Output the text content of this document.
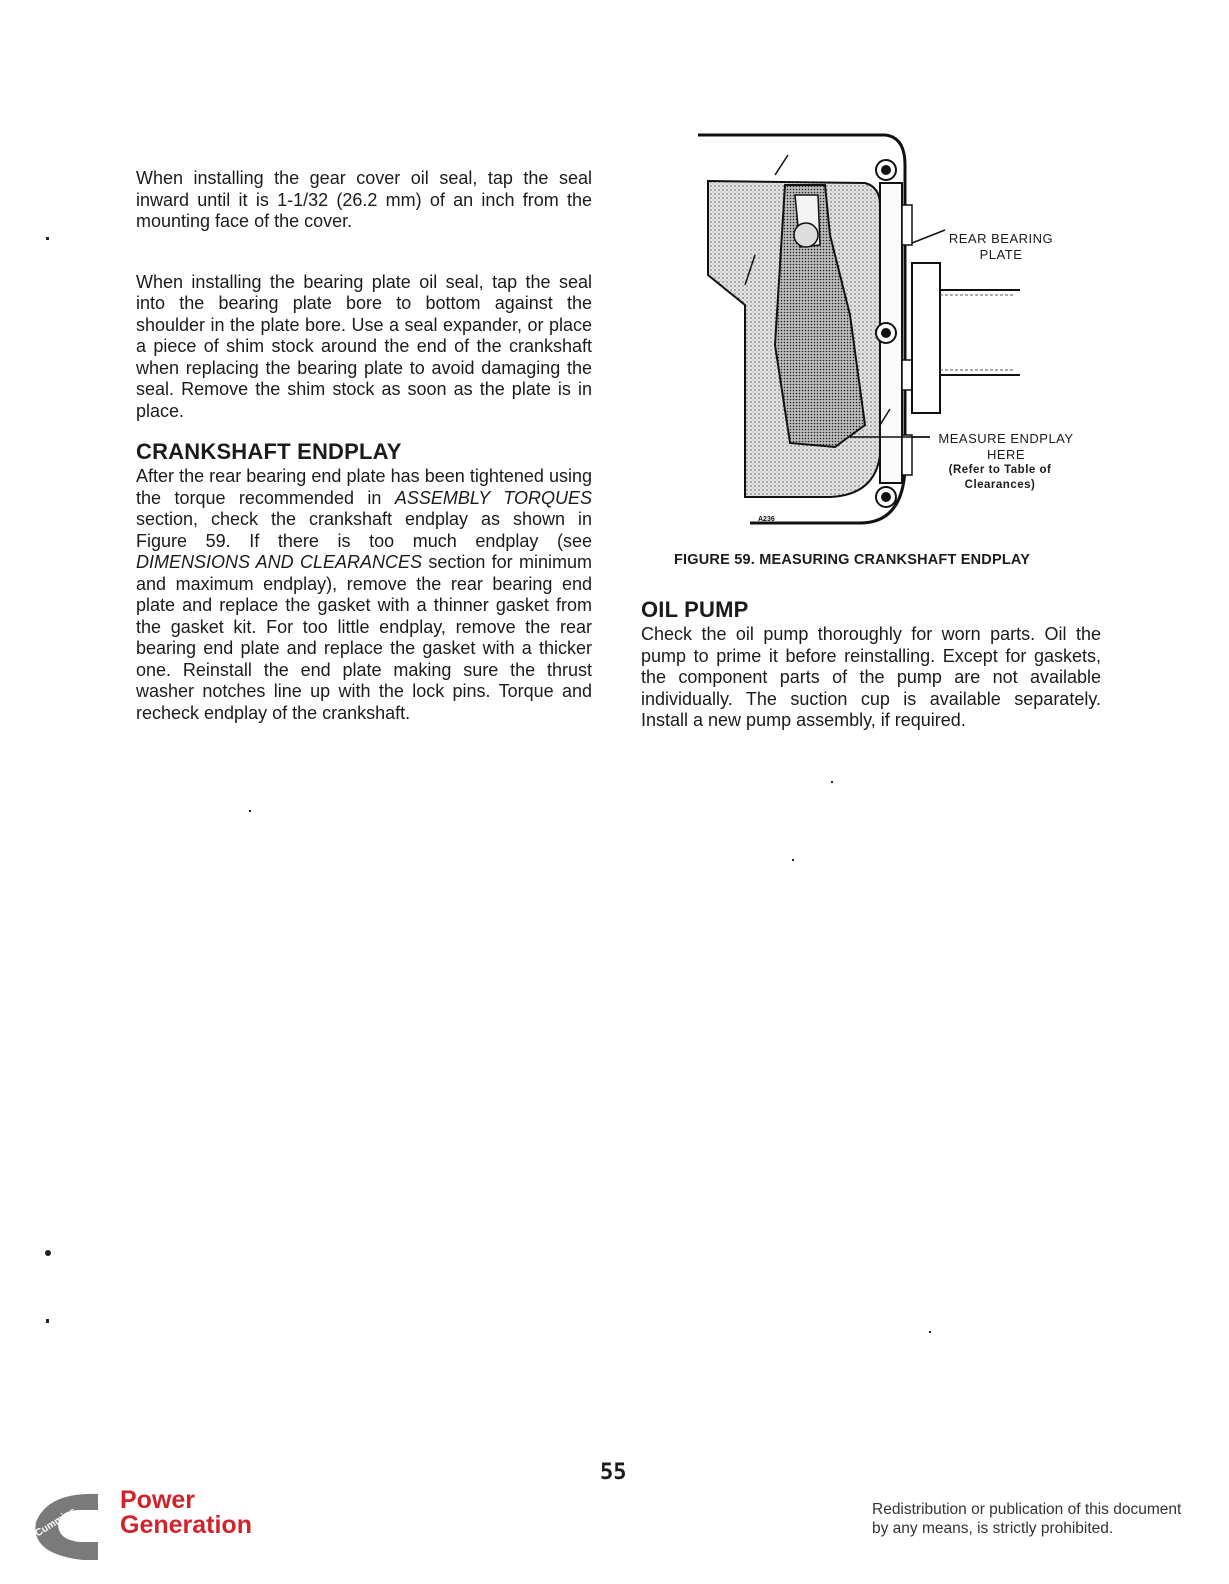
When installing the gear cover oil seal, tap the seal inward until it is 1-1/32 (26.2 mm) of an inch from the mounting face of the cover.

When installing the bearing plate oil seal, tap the seal into the bearing plate bore to bottom against the shoulder in the plate bore. Use a seal expander, or place a piece of shim stock around the end of the crankshaft when replacing the bearing plate to avoid damaging the seal. Remove the shim stock as soon as the plate is in place.

CRANKSHAFT ENDPLAY

After the rear bearing end plate has been tightened using the torque recommended in ASSEMBLY TORQUES section, check the crankshaft endplay as shown in Figure 59. If there is too much endplay (see DIMENSIONS AND CLEARANCES section for minimum and maximum endplay), remove the rear bearing end plate and replace the gasket with a thinner gasket from the gasket kit. For too little endplay, remove the rear bearing end plate and replace the gasket with a thicker one. Reinstall the end plate making sure the thrust washer notches line up with the lock pins. Torque and recheck endplay of the crankshaft.

A236
REAR BEARING
PLATE
MEASURE ENDPLAY
HERE
(Refer to Table of
Clearances)
FIGURE 59. MEASURING CRANKSHAFT ENDPLAY
OIL PUMP

Check the oil pump thoroughly for worn parts. Oil the pump to prime it before reinstalling. Except for gaskets, the component parts of the pump are not available individually. The suction cup is available separately. Install a new pump assembly, if required.

55
Cummins
Power
Generation
Redistribution or publication of this document
by any means, is strictly prohibited.
